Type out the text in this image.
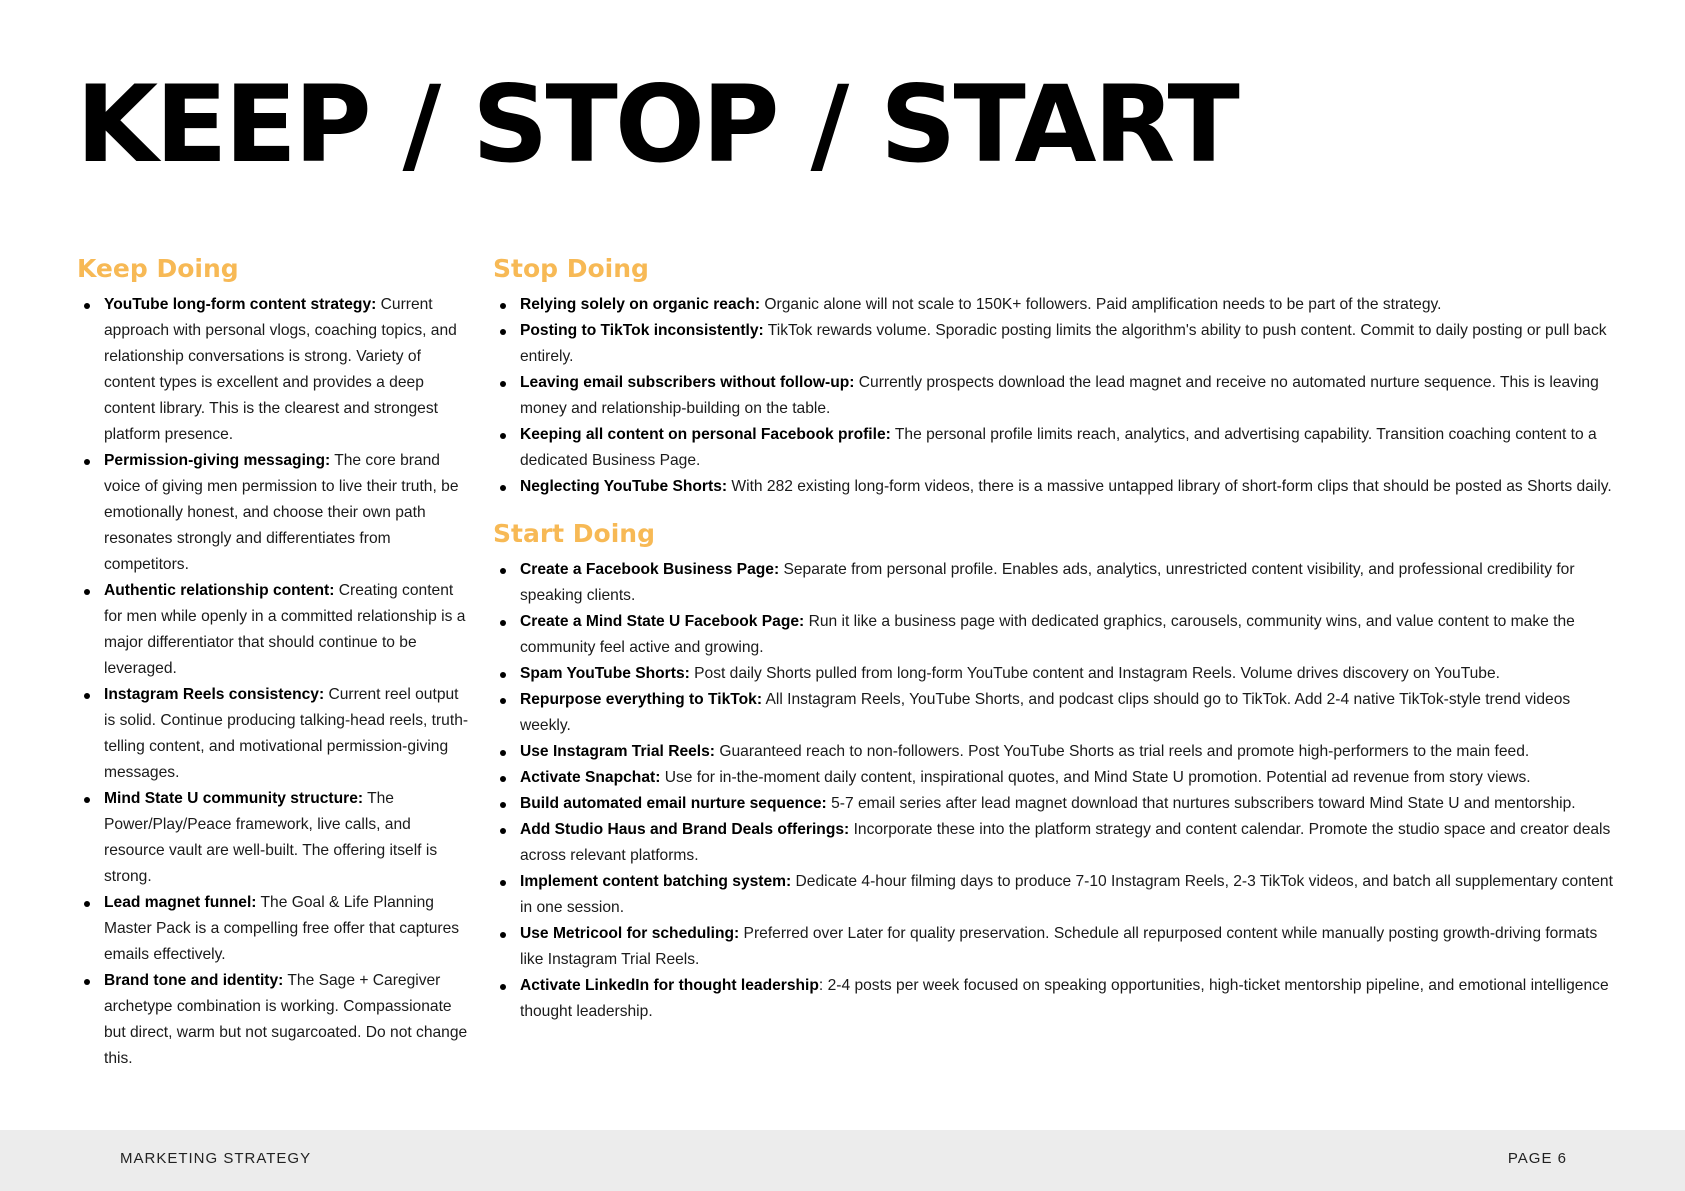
KEEP / STOP / START
Keep Doing
YouTube long-form content strategy: Current approach with personal vlogs, coaching topics, and relationship conversations is strong. Variety of content types is excellent and provides a deep content library. This is the clearest and strongest platform presence.
Permission-giving messaging: The core brand voice of giving men permission to live their truth, be emotionally honest, and choose their own path resonates strongly and differentiates from competitors.
Authentic relationship content: Creating content for men while openly in a committed relationship is a major differentiator that should continue to be leveraged.
Instagram Reels consistency: Current reel output is solid. Continue producing talking-head reels, truth-telling content, and motivational permission-giving messages.
Mind State U community structure: The Power/Play/Peace framework, live calls, and resource vault are well-built. The offering itself is strong.
Lead magnet funnel: The Goal & Life Planning Master Pack is a compelling free offer that captures emails effectively.
Brand tone and identity: The Sage + Caregiver archetype combination is working. Compassionate but direct, warm but not sugarcoated. Do not change this.
Stop Doing
Relying solely on organic reach: Organic alone will not scale to 150K+ followers. Paid amplification needs to be part of the strategy.
Posting to TikTok inconsistently: TikTok rewards volume. Sporadic posting limits the algorithm's ability to push content. Commit to daily posting or pull back entirely.
Leaving email subscribers without follow-up: Currently prospects download the lead magnet and receive no automated nurture sequence. This is leaving money and relationship-building on the table.
Keeping all content on personal Facebook profile: The personal profile limits reach, analytics, and advertising capability. Transition coaching content to a dedicated Business Page.
Neglecting YouTube Shorts: With 282 existing long-form videos, there is a massive untapped library of short-form clips that should be posted as Shorts daily.
Start Doing
Create a Facebook Business Page: Separate from personal profile. Enables ads, analytics, unrestricted content visibility, and professional credibility for speaking clients.
Create a Mind State U Facebook Page: Run it like a business page with dedicated graphics, carousels, community wins, and value content to make the community feel active and growing.
Spam YouTube Shorts: Post daily Shorts pulled from long-form YouTube content and Instagram Reels. Volume drives discovery on YouTube.
Repurpose everything to TikTok: All Instagram Reels, YouTube Shorts, and podcast clips should go to TikTok. Add 2-4 native TikTok-style trend videos weekly.
Use Instagram Trial Reels: Guaranteed reach to non-followers. Post YouTube Shorts as trial reels and promote high-performers to the main feed.
Activate Snapchat: Use for in-the-moment daily content, inspirational quotes, and Mind State U promotion. Potential ad revenue from story views.
Build automated email nurture sequence: 5-7 email series after lead magnet download that nurtures subscribers toward Mind State U and mentorship.
Add Studio Haus and Brand Deals offerings: Incorporate these into the platform strategy and content calendar. Promote the studio space and creator deals across relevant platforms.
Implement content batching system: Dedicate 4-hour filming days to produce 7-10 Instagram Reels, 2-3 TikTok videos, and batch all supplementary content in one session.
Use Metricool for scheduling: Preferred over Later for quality preservation. Schedule all repurposed content while manually posting growth-driving formats like Instagram Trial Reels.
Activate LinkedIn for thought leadership: 2-4 posts per week focused on speaking opportunities, high-ticket mentorship pipeline, and emotional intelligence thought leadership.
MARKETING STRATEGY	PAGE 6
